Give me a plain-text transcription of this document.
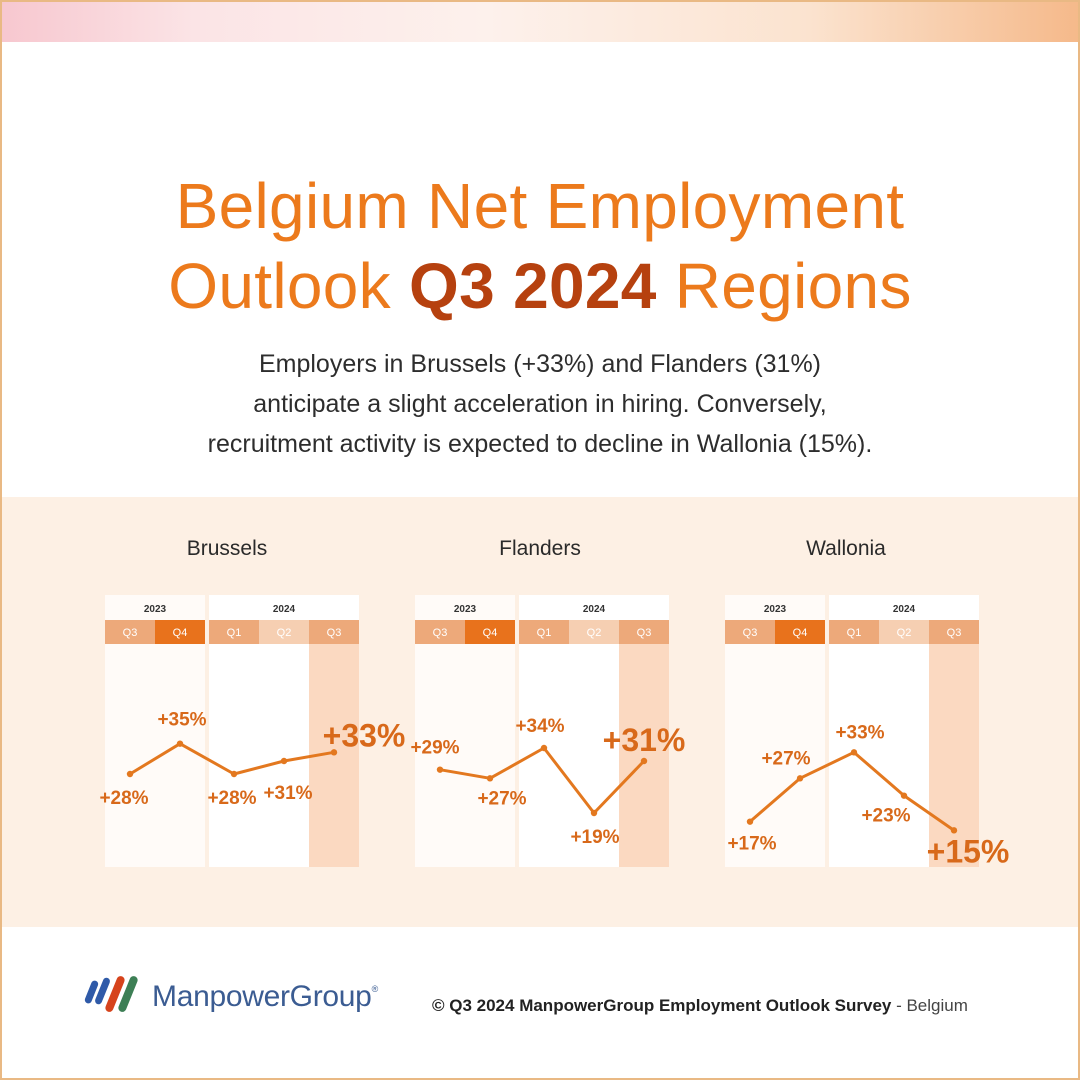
Belgium Net Employment
Outlook Q3 2024 Regions

Employers in Brussels (+33%) and Flanders (31%)
anticipate a slight acceleration in hiring. Conversely,
recruitment activity is expected to decline in Wallonia (15%).

Brussels	Flanders	Wallonia
2023	2024
Q3	Q4	Q1	Q2	Q3
+28%
+35%
+28% +31%
+33%
2023	2024
Q3	Q4	Q1	Q2	Q3
+29%
+27%
+34%
+19%
+31%
2023	2024
Q3	Q4	Q1	Q2	Q3
+17%
+27%
+33%
+23%
+15%
ManpowerGroup®
© Q3 2024 ManpowerGroup Employment Outlook Survey - Belgium
